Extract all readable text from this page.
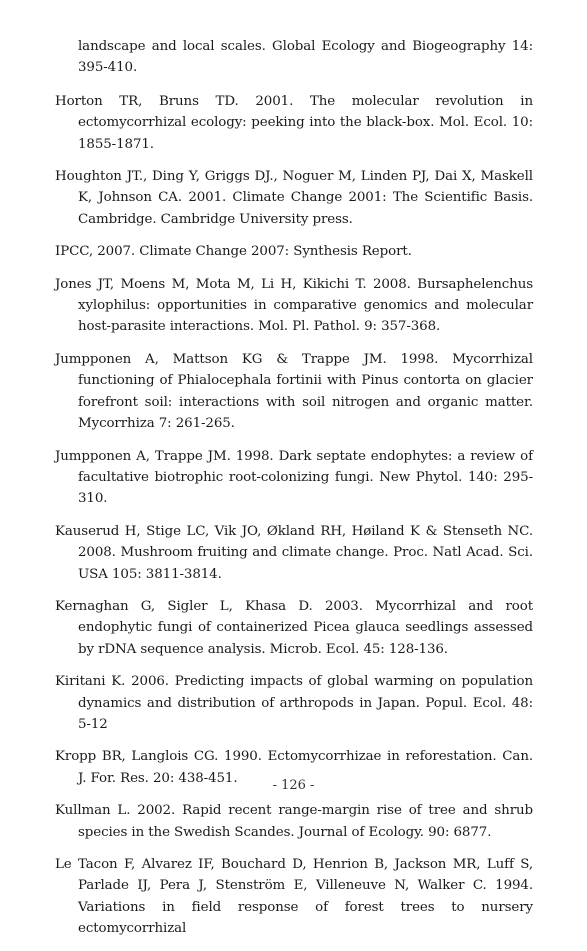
landscape and local scales. Global Ecology and Biogeography 14: 395-410.

Horton TR, Bruns TD. 2001. The molecular revolution in ectomycorrhizal ecology: peeking into the black-box. Mol. Ecol. 10: 1855-1871.

Houghton JT., Ding Y, Griggs DJ., Noguer M, Linden PJ, Dai X, Maskell K, Johnson CA. 2001. Climate Change 2001: The Scientific Basis. Cambridge. Cambridge University press.

IPCC, 2007. Climate Change 2007: Synthesis Report.

Jones JT, Moens M, Mota M, Li H, Kikichi T. 2008. Bursaphelenchus xylophilus: opportunities in comparative genomics and molecular host-parasite interactions. Mol. Pl. Pathol. 9: 357-368.

Jumpponen A, Mattson KG & Trappe JM. 1998. Mycorrhizal functioning of Phialocephala fortinii with Pinus contorta on glacier forefront soil: interactions with soil nitrogen and organic matter. Mycorrhiza 7: 261-265.

Jumpponen A, Trappe JM. 1998. Dark septate endophytes: a review of facultative biotrophic root-colonizing fungi. New Phytol. 140: 295-310.

Kauserud H, Stige LC, Vik JO, Økland RH, Høiland K & Stenseth NC. 2008. Mushroom fruiting and climate change. Proc. Natl Acad. Sci. USA 105: 3811-3814.

Kernaghan G, Sigler L, Khasa D. 2003. Mycorrhizal and root endophytic fungi of containerized Picea glauca seedlings assessed by rDNA sequence analysis. Microb. Ecol. 45: 128-136.

Kiritani K. 2006. Predicting impacts of global warming on population dynamics and distribution of arthropods in Japan. Popul. Ecol. 48: 5-12

Kropp BR, Langlois CG. 1990. Ectomycorrhizae in reforestation. Can. J. For. Res. 20: 438-451.

Kullman L. 2002. Rapid recent range-margin rise of tree and shrub species in the Swedish Scandes. Journal of Ecology. 90: 6877.

Le Tacon F, Alvarez IF, Bouchard D, Henrion B, Jackson MR, Luff S, Parlade IJ, Pera J, Stenström E, Villeneuve N, Walker C. 1994. Variations in field response of forest trees to nursery ectomycorrhizal

- 126 -
